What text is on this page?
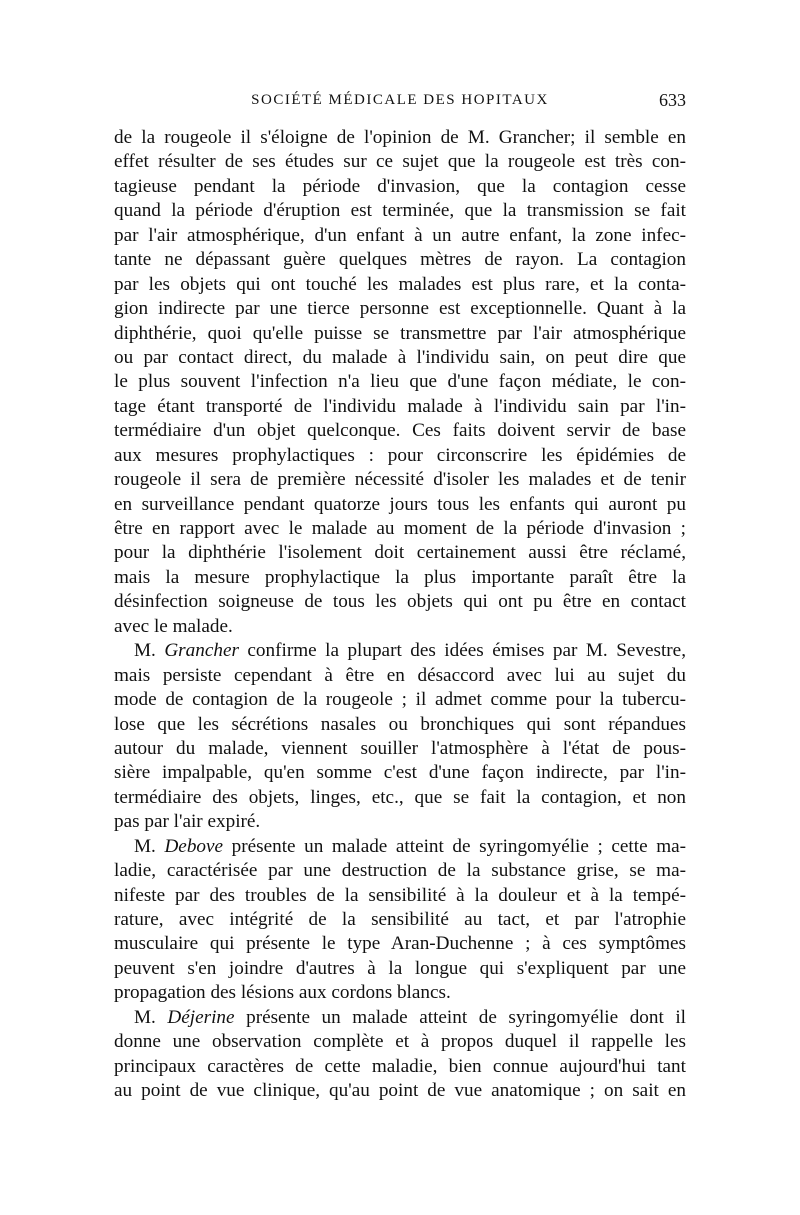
SOCIÉTÉ MÉDICALE DES HOPITAUX	633
de la rougeole il s'éloigne de l'opinion de M. Grancher; il semble en
effet résulter de ses études sur ce sujet que la rougeole est très con-
tagieuse pendant la période d'invasion, que la contagion cesse
quand la période d'éruption est terminée, que la transmission se fait
par l'air atmosphérique, d'un enfant à un autre enfant, la zone infec-
tante ne dépassant guère quelques mètres de rayon. La contagion
par les objets qui ont touché les malades est plus rare, et la conta-
gion indirecte par une tierce personne est exceptionnelle. Quant à la
diphthérie, quoi qu'elle puisse se transmettre par l'air atmosphérique
ou par contact direct, du malade à l'individu sain, on peut dire que
le plus souvent l'infection n'a lieu que d'une façon médiate, le con-
tage étant transporté de l'individu malade à l'individu sain par l'in-
termédiaire d'un objet quelconque. Ces faits doivent servir de base
aux mesures prophylactiques : pour circonscrire les épidémies de
rougeole il sera de première nécessité d'isoler les malades et de tenir
en surveillance pendant quatorze jours tous les enfants qui auront pu
être en rapport avec le malade au moment de la période d'invasion ;
pour la diphthérie l'isolement doit certainement aussi être réclamé,
mais la mesure prophylactique la plus importante paraît être la
désinfection soigneuse de tous les objets qui ont pu être en contact
avec le malade.
M. Grancher confirme la plupart des idées émises par M. Sevestre,
mais persiste cependant à être en désaccord avec lui au sujet du
mode de contagion de la rougeole ; il admet comme pour la tubercu-
lose que les sécrétions nasales ou bronchiques qui sont répandues
autour du malade, viennent souiller l'atmosphère à l'état de pous-
sière impalpable, qu'en somme c'est d'une façon indirecte, par l'in-
termédiaire des objets, linges, etc., que se fait la contagion, et non
pas par l'air expiré.
M. Debove présente un malade atteint de syringomyélie ; cette ma-
ladie, caractérisée par une destruction de la substance grise, se ma-
nifeste par des troubles de la sensibilité à la douleur et à la tempé-
rature, avec intégrité de la sensibilité au tact, et par l'atrophie
musculaire qui présente le type Aran-Duchenne ; à ces symptômes
peuvent s'en joindre d'autres à la longue qui s'expliquent par une
propagation des lésions aux cordons blancs.
M. Déjerine présente un malade atteint de syringomyélie dont il
donne une observation complète et à propos duquel il rappelle les
principaux caractères de cette maladie, bien connue aujourd'hui tant
au point de vue clinique, qu'au point de vue anatomique ; on sait en
